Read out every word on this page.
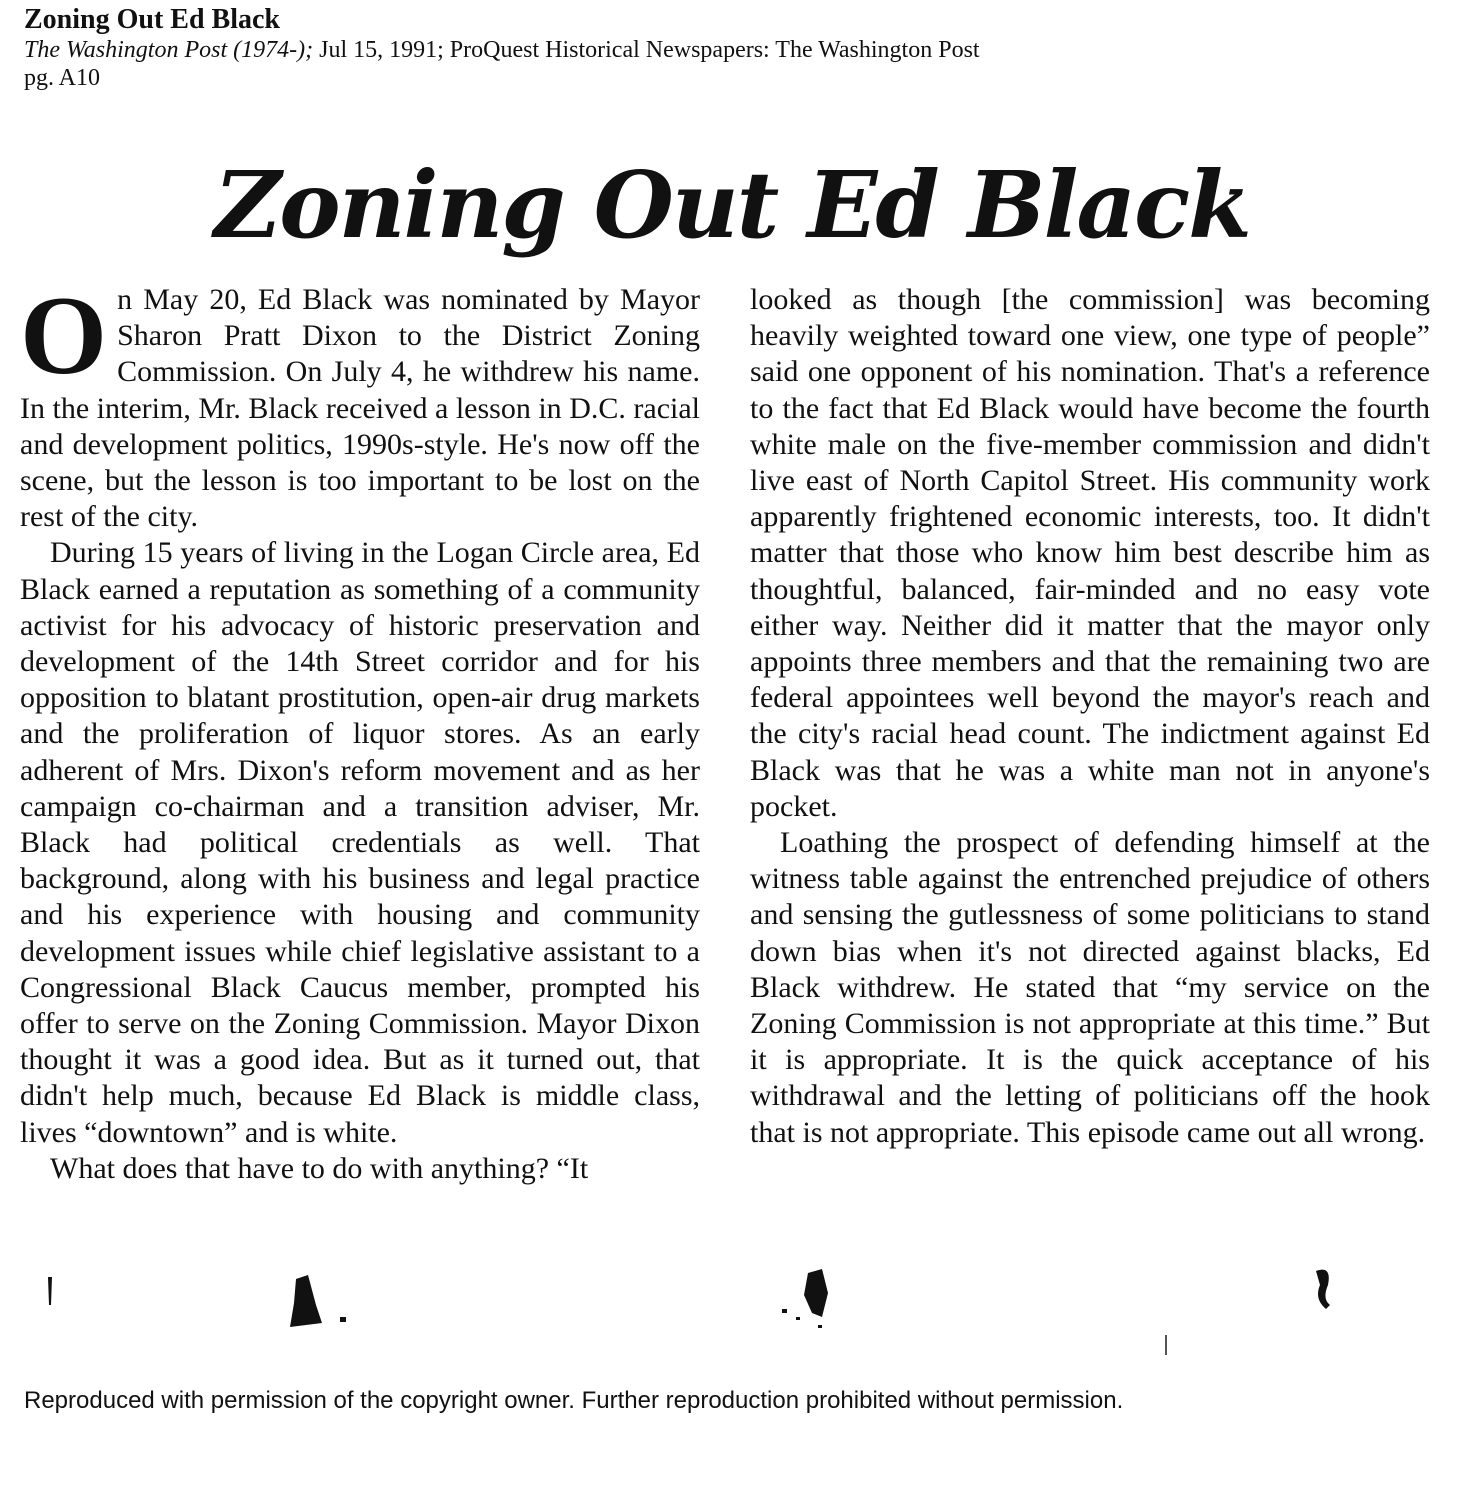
Zoning Out Ed Black
The Washington Post (1974-); Jul 15, 1991; ProQuest Historical Newspapers: The Washington Post
pg. A10
Zoning Out Ed Black

On May 20, Ed Black was nominated by Mayor Sharon Pratt Dixon to the District Zoning Commission. On July 4, he withdrew his name. In the interim, Mr. Black received a lesson in D.C. racial and development politics, 1990s-style. He's now off the scene, but the lesson is too important to be lost on the rest of the city.

During 15 years of living in the Logan Circle area, Ed Black earned a reputation as something of a community activist for his advocacy of historic preservation and development of the 14th Street corridor and for his opposition to blatant prostitution, open-air drug markets and the proliferation of liquor stores. As an early adherent of Mrs. Dixon's reform movement and as her campaign co-chairman and a transition adviser, Mr. Black had political credentials as well. That background, along with his business and legal practice and his experience with housing and community development issues while chief legislative assistant to a Congressional Black Caucus member, prompted his offer to serve on the Zoning Commission. Mayor Dixon thought it was a good idea. But as it turned out, that didn't help much, because Ed Black is middle class, lives “downtown” and is white.

What does that have to do with anything? “It

looked as though [the commission] was becoming heavily weighted toward one view, one type of people” said one opponent of his nomination. That's a reference to the fact that Ed Black would have become the fourth white male on the five-member commission and didn't live east of North Capitol Street. His community work apparently frightened economic interests, too. It didn't matter that those who know him best describe him as thoughtful, balanced, fair-minded and no easy vote either way. Neither did it matter that the mayor only appoints three members and that the remaining two are federal appointees well beyond the mayor's reach and the city's racial head count. The indictment against Ed Black was that he was a white man not in anyone's pocket.

Loathing the prospect of defending himself at the witness table against the entrenched prejudice of others and sensing the gutlessness of some politicians to stand down bias when it's not directed against blacks, Ed Black withdrew. He stated that “my service on the Zoning Commission is not appropriate at this time.” But it is appropriate. It is the quick acceptance of his withdrawal and the letting of politicians off the hook that is not appropriate. This episode came out all wrong.

Reproduced with permission of the copyright owner. Further reproduction prohibited without permission.
